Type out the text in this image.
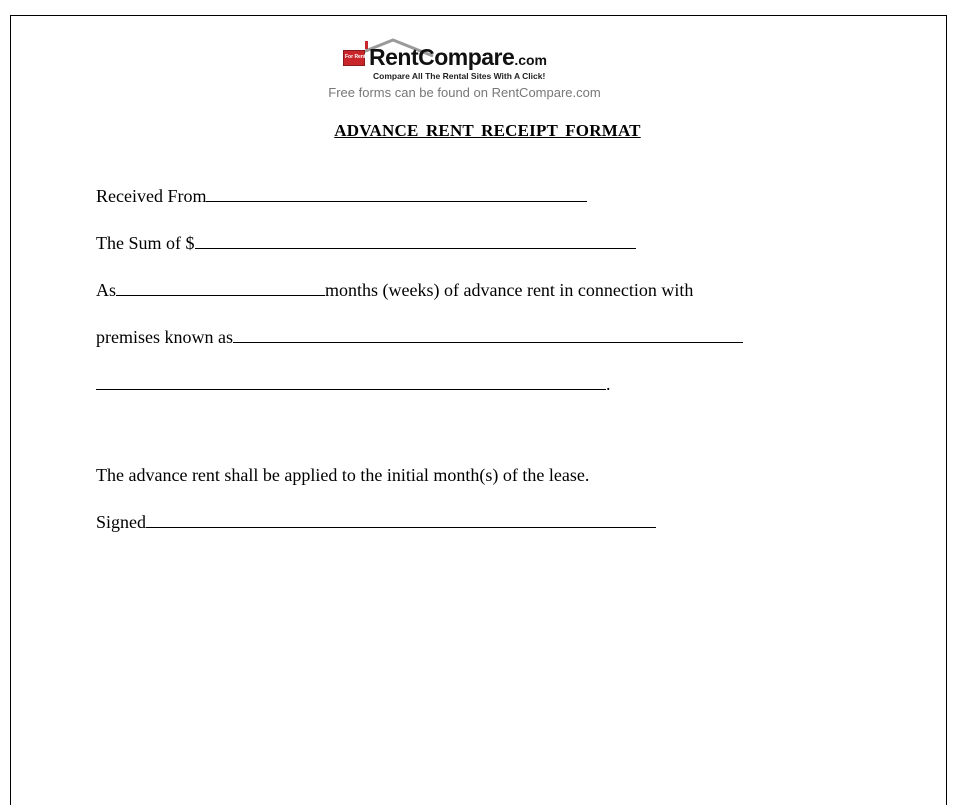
For Rent RentCompare.com
Compare All The Rental Sites With A Click!
Free forms can be found on RentCompare.com
ADVANCE RENT RECEIPT FORMAT
Received From
The Sum of $
As	months (weeks) of advance rent in connection with
premises known as
.
The advance rent shall be applied to the initial month(s) of the lease.
Signed
